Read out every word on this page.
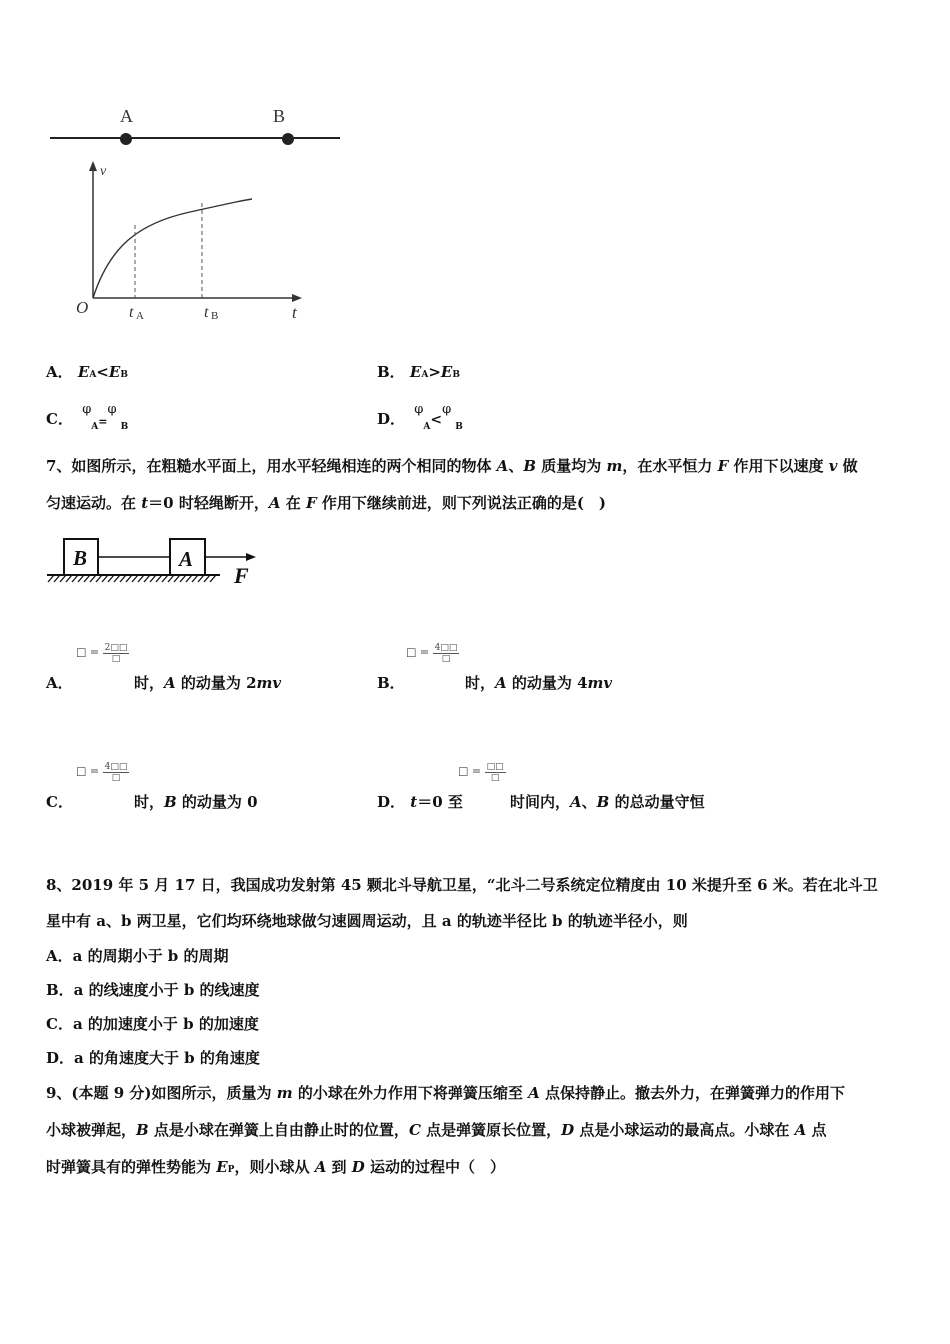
A	B
v
t
O	t A	t B
A． EA<EB	B． EA>EB
C． $\varphi_{A=}\varphi_B$	D． $\varphi_A<\varphi_B$
7、如图所示，在粗糙水平面上，用水平轻绳相连的两个相同的物体 A、B 质量均为 m，在水平恒力 F 作用下以速度 v 做
匀速运动。在 t＝0 时轻绳断开，A 在 F 作用下继续前进，则下列说法正确的是(　)
B	A
F
A．
□ = $\frac{2□□}{□}$
时，A 的动量为 2mv	B．
□ = $\frac{4□□}{□}$
时，A 的动量为 4mv
C．
□ = $\frac{4□□}{□}$
时，B 的动量为 0	D． t＝0 至
□ = $\frac{□□}{□}$
时间内，A、B 的总动量守恒
8、2019 年 5 月 17 日，我国成功发射第 45 颗北斗导航卫星，“北斗二号系统定位精度由 10 米提升至 6 米。若在北斗卫
星中有 a、b 两卫星，它们均环绕地球做匀速圆周运动，且 a 的轨迹半径比 b 的轨迹半径小，则
A．a 的周期小于 b 的周期
B．a 的线速度小于 b 的线速度
C．a 的加速度小于 b 的加速度
D．a 的角速度大于 b 的角速度
9、(本题 9 分)如图所示，质量为 m 的小球在外力作用下将弹簧压缩至 A 点保持静止。撤去外力，在弹簧弹力的作用下
小球被弹起，B 点是小球在弹簧上自由静止时的位置，C 点是弹簧原长位置，D 点是小球运动的最高点。小球在 A 点
时弹簧具有的弹性势能为 EP，则小球从 A 到 D 运动的过程中（　）
